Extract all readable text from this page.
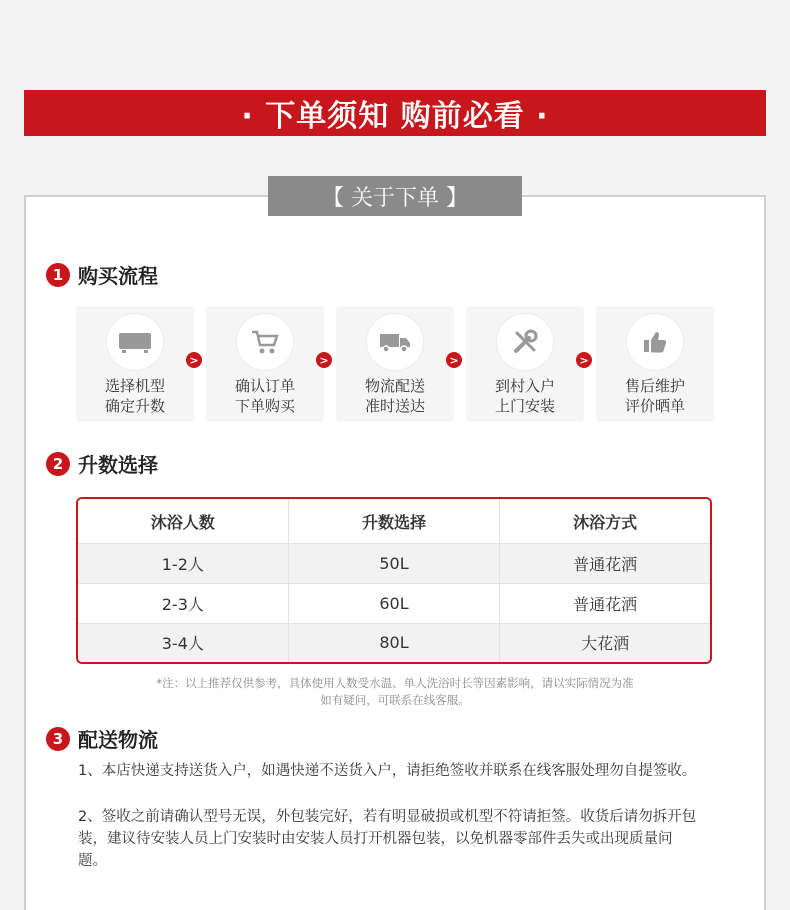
· 下单须知 购前必看 ·
【 关于下单 】
1 购买流程
选择机型
确定升数
>
确认订单
下单购买
>
物流配送
准时送达
>
到村入户
上门安装
>
售后维护
评价晒单
2 升数选择
沐浴人数	升数选择	沐浴方式
1-2人	50L	普通花洒
2-3人	60L	普通花洒
3-4人	80L	大花洒
*注：以上推荐仅供参考，具体使用人数受水温、单人洗浴时长等因素影响，请以实际情况为准
如有疑问，可联系在线客服。
3 配送物流
1、本店快递支持送货入户，如遇快递不送货入户，请拒绝签收并联系在线客服处理勿自提签收。
2、签收之前请确认型号无误，外包装完好，若有明显破损或机型不符请拒签。收货后请勿拆开包装，建议待安装人员上门安装时由安装人员打开机器包装，以免机器零部件丢失或出现质量问题。
